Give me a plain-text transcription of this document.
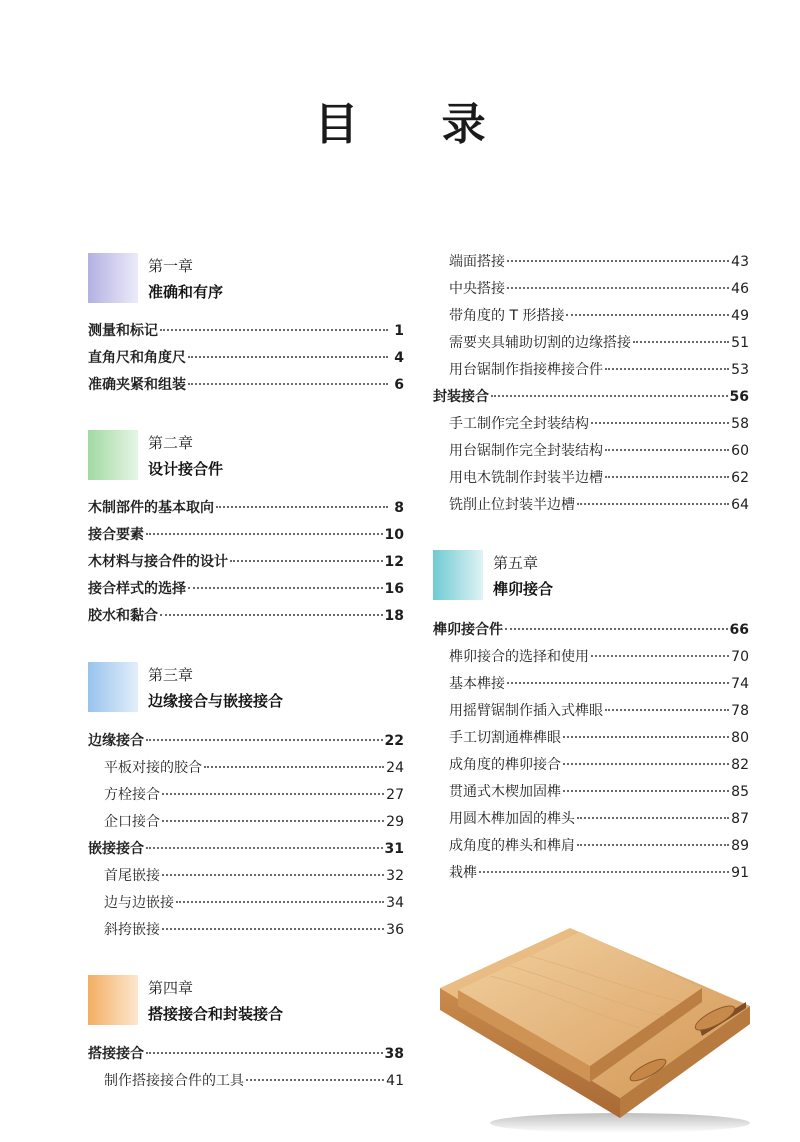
目 录
第一章
准确和有序
测量和标记	1
直角尺和角度尺	4
准确夹紧和组装	6
第二章
设计接合件
木制部件的基本取向	8
接合要素	10
木材料与接合件的设计	12
接合样式的选择	16
胶水和黏合	18
第三章
边缘接合与嵌接接合
边缘接合	22
平板对接的胶合	24
方栓接合	27
企口接合	29
嵌接接合	31
首尾嵌接	32
边与边嵌接	34
斜挎嵌接	36
第四章
搭接接合和封装接合
搭接接合	38
制作搭接接合件的工具	41
端面搭接	43
中央搭接	46
带角度的 T 形搭接	49
需要夹具辅助切割的边缘搭接	51
用台锯制作指接榫接合件	53
封装接合	56
手工制作完全封装结构	58
用台锯制作完全封装结构	60
用电木铣制作封装半边槽	62
铣削止位封装半边槽	64
第五章
榫卯接合
榫卯接合件	66
榫卯接合的选择和使用	70
基本榫接	74
用摇臂锯制作插入式榫眼	78
手工切割通榫榫眼	80
成角度的榫卯接合	82
贯通式木楔加固榫	85
用圆木榫加固的榫头	87
成角度的榫头和榫肩	89
栽榫	91
